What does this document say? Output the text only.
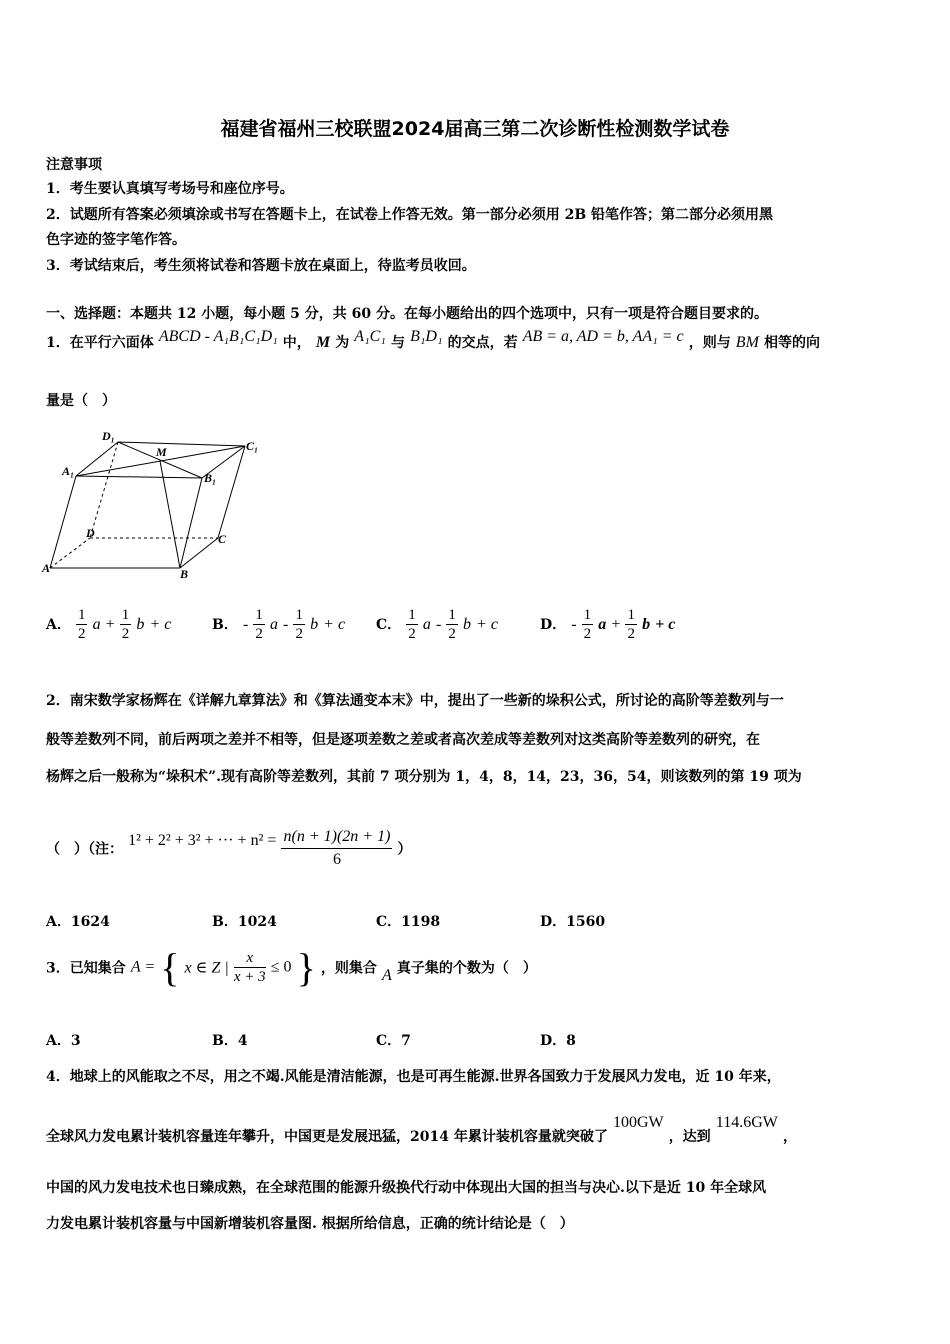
福建省福州三校联盟2024届高三第二次诊断性检测数学试卷
注意事项
1．考生要认真填写考场号和座位序号。
2．试题所有答案必须填涂或书写在答题卡上，在试卷上作答无效。第一部分必须用 2B 铅笔作答；第二部分必须用黑
色字迹的签字笔作答。
3．考试结束后，考生须将试卷和答题卡放在桌面上，待监考员收回。
一、选择题：本题共 12 小题，每小题 5 分，共 60 分。在每小题给出的四个选项中，只有一项是符合题目要求的。
1．在平行六面体 ABCD - A₁B₁C₁D₁ 中， M 为 A₁C₁ 与 B₁D₁ 的交点，若 AB = a, AD = b, AA₁ = c ，则与 BM 相等的向
量是（　）
D₁
M	C₁
A₁	B₁
D	C
A	B
A． $\frac{1}{2}$ $a + \frac{1}{2}$ b + c	B． - $\frac{1}{2}$ a - $\frac{1}{2}$ b + c C． $\frac{1}{2}$ a - $\frac{1}{2}$ b + c	D． - $\frac{1}{2}$ $a + \frac{1}{2}$ b + c
2．南宋数学家杨辉在《详解九章算法》和《算法通变本末》中，提出了一些新的垛积公式，所讨论的高阶等差数列与一
般等差数列不同，前后两项之差并不相等，但是逐项差数之差或者高次差成等差数列对这类高阶等差数列的研究，在
杨辉之后一般称为“垛积术”.现有高阶等差数列，其前 7 项分别为 1，4，8，14，23，36，54，则该数列的第 19 项为
（　）（注： 1² + 2² + 3² + ··· + $n^2 = \frac{n(n + 1)(2n + 1)}{6}$ ）
A．1624	B．1024	C．1198	D．1560
3．已知集合 A = { x ∈ Z | $\frac{x}{x + 3} \le 0$ } ，则集合 A 真子集的个数为（　）
A．3	B．4	C．7	D．8
4．地球上的风能取之不尽，用之不竭.风能是清洁能源，也是可再生能源.世界各国致力于发展风力发电，近 10 年来，
全球风力发电累计装机容量连年攀升，中国更是发展迅猛，2014 年累计装机容量就突破了 100GW ，达到 114.6GW ，
中国的风力发电技术也日臻成熟，在全球范围的能源升级换代行动中体现出大国的担当与决心.以下是近 10 年全球风
力发电累计装机容量与中国新增装机容量图. 根据所给信息，正确的统计结论是（　）
